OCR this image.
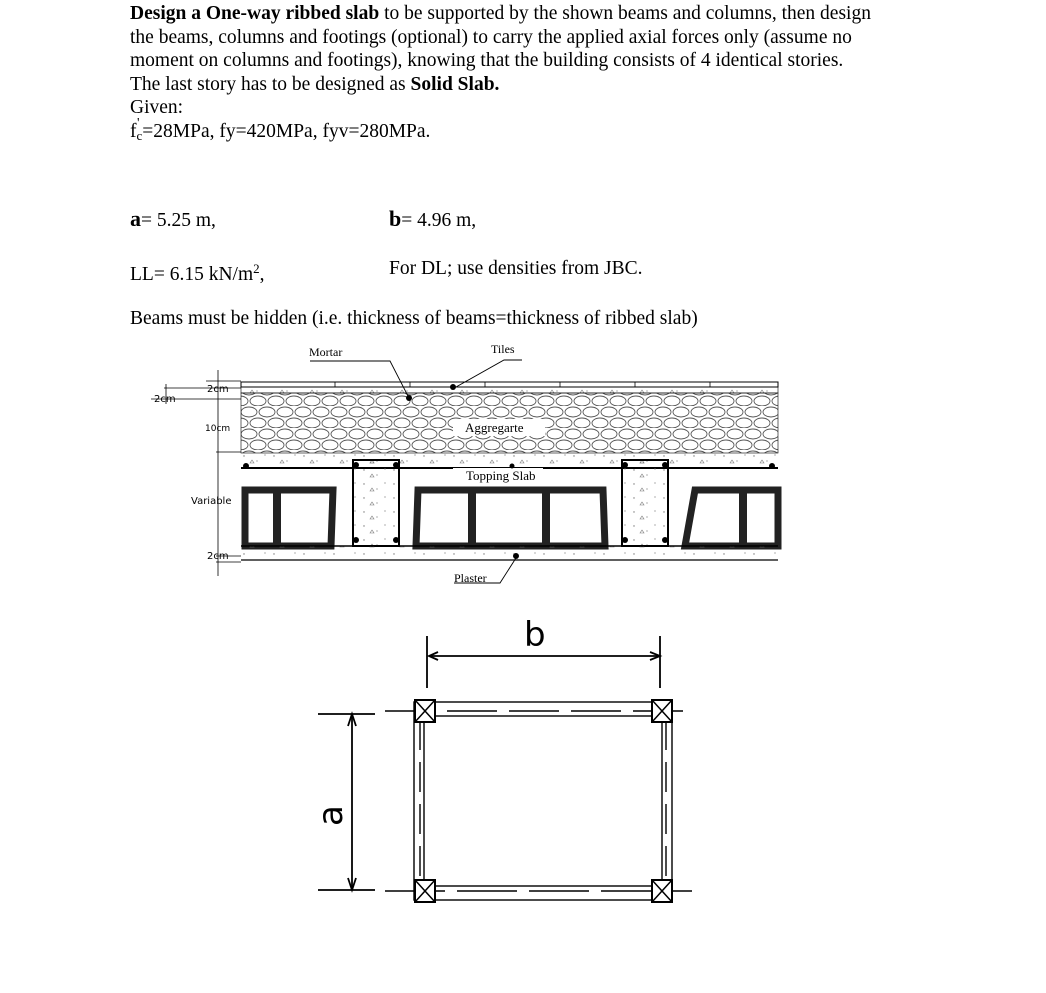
Design a One-way ribbed slab to be supported by the shown beams and columns, then design the beams, columns and footings (optional) to carry the applied axial forces only (assume no moment on columns and footings), knowing that the building consists of 4 identical stories.

The last story has to be designed as Solid Slab.

Given:

f '
$_c$=28MPa, fy=420MPa, fyv=280MPa.

a= 5.25 m,	b= 4.96 m,
LL= 6.15 $kN/m^2$,	For DL; use densities from JBC.
Beams must be hidden (i.e. thickness of beams=thickness of ribbed slab)
Mortar	Tiles
Aggregarte
Topping Slab
Plaster
2cm
2cm
10cm
Variable
2cm
b
a
